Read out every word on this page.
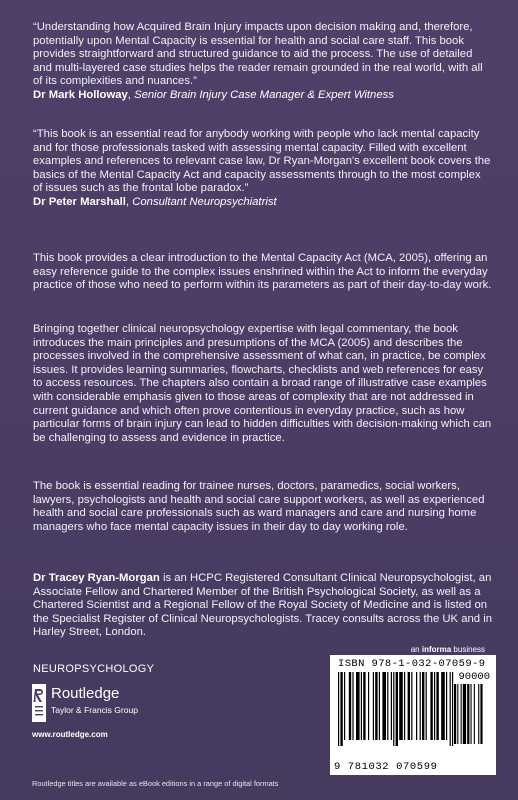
“Understanding how Acquired Brain Injury impacts upon decision making and, therefore, potentially upon Mental Capacity is essential for health and social care staff. This book provides straightforward and structured guidance to aid the process. The use of detailed and multi-layered case studies helps the reader remain grounded in the real world, with all of its complexities and nuances.”

Dr Mark Holloway, Senior Brain Injury Case Manager & Expert Witness

“This book is an essential read for anybody working with people who lack mental capacity and for those professionals tasked with assessing mental capacity. Filled with excellent examples and references to relevant case law, Dr Ryan-Morgan's excellent book covers the basics of the Mental Capacity Act and capacity assessments through to the most complex of issues such as the frontal lobe paradox.”

Dr Peter Marshall, Consultant Neuropsychiatrist

This book provides a clear introduction to the Mental Capacity Act (MCA, 2005), offering an easy reference guide to the complex issues enshrined within the Act to inform the everyday practice of those who need to perform within its parameters as part of their day-to-day work.

Bringing together clinical neuropsychology expertise with legal commentary, the book introduces the main principles and presumptions of the MCA (2005) and describes the processes involved in the comprehensive assessment of what can, in practice, be complex issues. It provides learning summaries, flowcharts, checklists and web references for easy to access resources. The chapters also contain a broad range of illustrative case examples with considerable emphasis given to those areas of complexity that are not addressed in current guidance and which often prove contentious in everyday practice, such as how particular forms of brain injury can lead to hidden difficulties with decision-making which can be challenging to assess and evidence in practice.

The book is essential reading for trainee nurses, doctors, paramedics, social workers, lawyers, psychologists and health and social care support workers, as well as experienced health and social care professionals such as ward managers and care and nursing home managers who face mental capacity issues in their day to day working role.

Dr Tracey Ryan-Morgan is an HCPC Registered Consultant Clinical Neuropsychologist, an Associate Fellow and Chartered Member of the British Psychological Society, as well as a Chartered Scientist and a Regional Fellow of the Royal Society of Medicine and is listed on the Specialist Register of Clinical Neuropsychologists. Tracey consults across the UK and in Harley Street, London.

an informa business
NEUROPSYCHOLOGY
Routledge
Taylor & Francis Group
www.routledge.com
Routledge titles are available as eBook editions in a range of digital formats
ISBN 978-1-032-07059-9
90000
9 781032 070599
